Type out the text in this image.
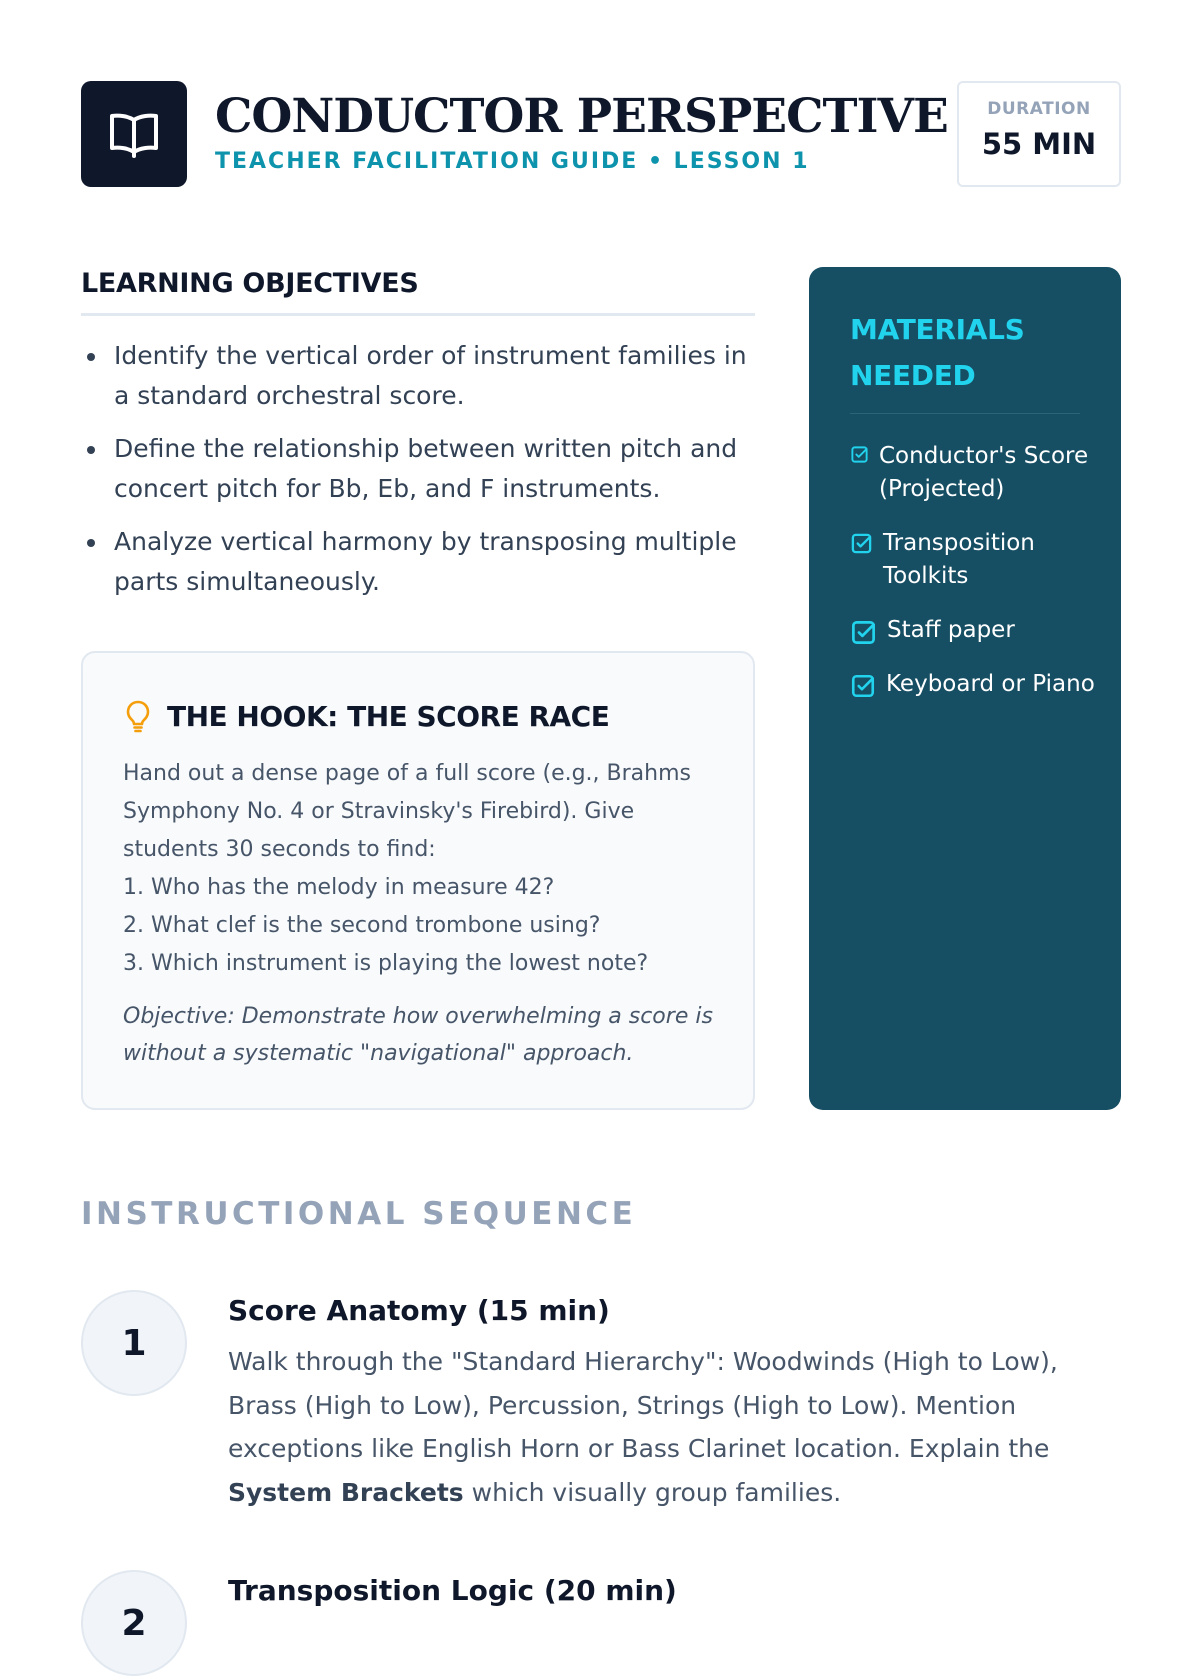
CONDUCTOR PERSPECTIVE
TEACHER FACILITATION GUIDE • LESSON 1
DURATION
55 MIN
LEARNING OBJECTIVES
Identify the vertical order of instrument families in a standard orchestral score.
Define the relationship between written pitch and concert pitch for Bb, Eb, and F instruments.
Analyze vertical harmony by transposing multiple parts simultaneously.
THE HOOK: THE SCORE RACE
Hand out a dense page of a full score (e.g., Brahms Symphony No. 4 or Stravinsky's Firebird). Give students 30 seconds to find:
1. Who has the melody in measure 42?
2. What clef is the second trombone using?
3. Which instrument is playing the lowest note?
Objective: Demonstrate how overwhelming a score is without a systematic "navigational" approach.
MATERIALS NEEDED
Conductor's Score (Projected)
Transposition Toolkits
Staff paper
Keyboard or Piano
INSTRUCTIONAL SEQUENCE
1
Score Anatomy (15 min)
Walk through the "Standard Hierarchy": Woodwinds (High to Low), Brass (High to Low), Percussion, Strings (High to Low). Mention exceptions like English Horn or Bass Clarinet location. Explain the System Brackets which visually group families.
2
Transposition Logic (20 min)
